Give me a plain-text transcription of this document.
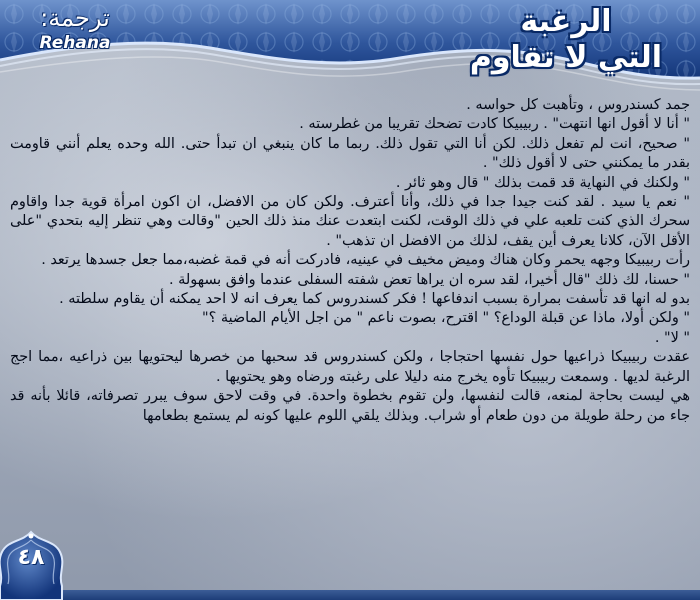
ترجمة:
Rehana
الرغبة
التي لا تقاوم

جمد كسندروس ، وتأهبت كل حواسه .

" أنا لا أقول انها انتهت" . ربيبيكا كادت تضحك تقريبا من غطرسته .

" صحيح، انت لم تفعل ذلك. لكن أنا التي تقول ذلك. ربما ما كان ينبغي ان تبدأ حتى. الله وحده يعلم أنني قاومت بقدر ما يمكنني حتى لا أقول ذلك" .

" ولكنك في النهاية قد قمت بذلك " قال وهو ثائر .

" نعم يا سيد . لقد كنت جيدا جدا في ذلك، وأنا أعترف. ولكن كان من الافضل، ان اكون امرأة قوية جدا واقاوم سحرك الذي كنت تلعبه علي في ذلك الوقت، لكنت ابتعدت عنك منذ ذلك الحين "وقالت وهي تنظر إليه بتحدي "على الأقل الآن، كلانا يعرف أين يقف، لذلك من الافضل ان تذهب" .

رأت ربيبيكا وجهه يحمر وكان هناك وميض مخيف في عينيه، فادركت أنه في قمة غضبه،مما جعل جسدها يرتعد .

" حسنا، لك ذلك "قال أخيرا، لقد سره ان يراها تعض شفته السفلى عندما وافق بسهولة .

بدو له انها قد تأسفت بمرارة بسبب اندفاعها ! فكر كسندروس كما يعرف انه لا احد يمكنه أن يقاوم سلطته .

" ولكن أولا، ماذا عن قبلة الوداع؟ " اقترح، بصوت ناعم " من اجل الأيام الماضية ؟"

" لا" .

عقدت ربيبيكا ذراعيها حول نفسها احتجاجا ، ولكن كسندروس قد سحبها من خصرها ليحتويها بين ذراعيه ،مما اجج الرغبة لديها . وسمعت ربيبيكا تأوه يخرج منه دليلا على رغبته ورضاه وهو يحتويها .

هي ليست بحاجة لمنعه، قالت لنفسها، ولن تقوم بخطوة واحدة. في وقت لاحق سوف يبرر تصرفاته، قائلا بأنه قد جاء من رحلة طويلة من دون طعام أو شراب. وبذلك يلقي اللوم عليها كونه لم يستمع بطعامها

٤٨
